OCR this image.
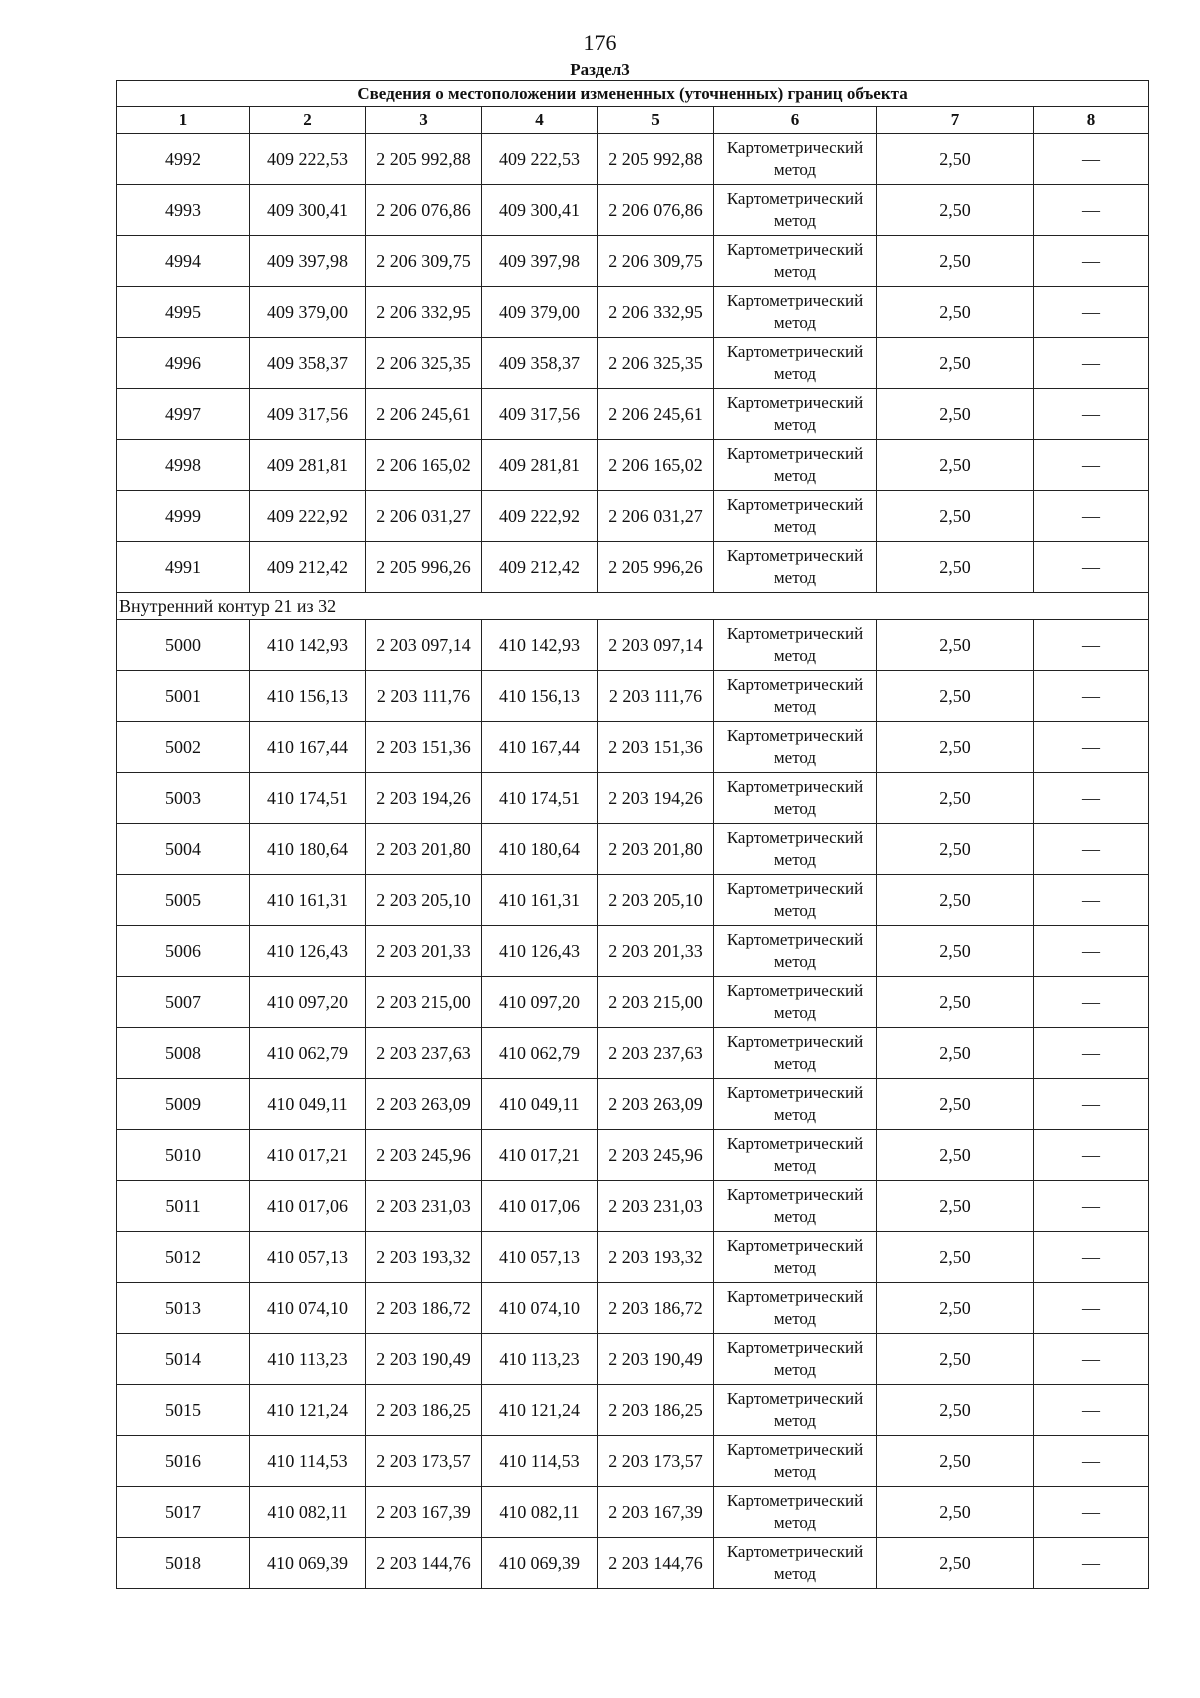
176
Раздел3
Сведения о местоположении измененных (уточненных) границ объекта							
1	2	3	4	5	6	7	8
4992	409 222,53	2 205 992,88	409 222,53	2 205 992,88	Картометрический метод	2,50	—
4993	409 300,41	2 206 076,86	409 300,41	2 206 076,86	Картометрический метод	2,50	—
4994	409 397,98	2 206 309,75	409 397,98	2 206 309,75	Картометрический метод	2,50	—
4995	409 379,00	2 206 332,95	409 379,00	2 206 332,95	Картометрический метод	2,50	—
4996	409 358,37	2 206 325,35	409 358,37	2 206 325,35	Картометрический метод	2,50	—
4997	409 317,56	2 206 245,61	409 317,56	2 206 245,61	Картометрический метод	2,50	—
4998	409 281,81	2 206 165,02	409 281,81	2 206 165,02	Картометрический метод	2,50	—
4999	409 222,92	2 206 031,27	409 222,92	2 206 031,27	Картометрический метод	2,50	—
4991	409 212,42	2 205 996,26	409 212,42	2 205 996,26	Картометрический метод	2,50	—
Внутренний контур 21 из 32							
5000	410 142,93	2 203 097,14	410 142,93	2 203 097,14	Картометрический метод	2,50	—
5001	410 156,13	2 203 111,76	410 156,13	2 203 111,76	Картометрический метод	2,50	—
5002	410 167,44	2 203 151,36	410 167,44	2 203 151,36	Картометрический метод	2,50	—
5003	410 174,51	2 203 194,26	410 174,51	2 203 194,26	Картометрический метод	2,50	—
5004	410 180,64	2 203 201,80	410 180,64	2 203 201,80	Картометрический метод	2,50	—
5005	410 161,31	2 203 205,10	410 161,31	2 203 205,10	Картометрический метод	2,50	—
5006	410 126,43	2 203 201,33	410 126,43	2 203 201,33	Картометрический метод	2,50	—
5007	410 097,20	2 203 215,00	410 097,20	2 203 215,00	Картометрический метод	2,50	—
5008	410 062,79	2 203 237,63	410 062,79	2 203 237,63	Картометрический метод	2,50	—
5009	410 049,11	2 203 263,09	410 049,11	2 203 263,09	Картометрический метод	2,50	—
5010	410 017,21	2 203 245,96	410 017,21	2 203 245,96	Картометрический метод	2,50	—
5011	410 017,06	2 203 231,03	410 017,06	2 203 231,03	Картометрический метод	2,50	—
5012	410 057,13	2 203 193,32	410 057,13	2 203 193,32	Картометрический метод	2,50	—
5013	410 074,10	2 203 186,72	410 074,10	2 203 186,72	Картометрический метод	2,50	—
5014	410 113,23	2 203 190,49	410 113,23	2 203 190,49	Картометрический метод	2,50	—
5015	410 121,24	2 203 186,25	410 121,24	2 203 186,25	Картометрический метод	2,50	—
5016	410 114,53	2 203 173,57	410 114,53	2 203 173,57	Картометрический метод	2,50	—
5017	410 082,11	2 203 167,39	410 082,11	2 203 167,39	Картометрический метод	2,50	—
5018	410 069,39	2 203 144,76	410 069,39	2 203 144,76	Картометрический метод	2,50	—
